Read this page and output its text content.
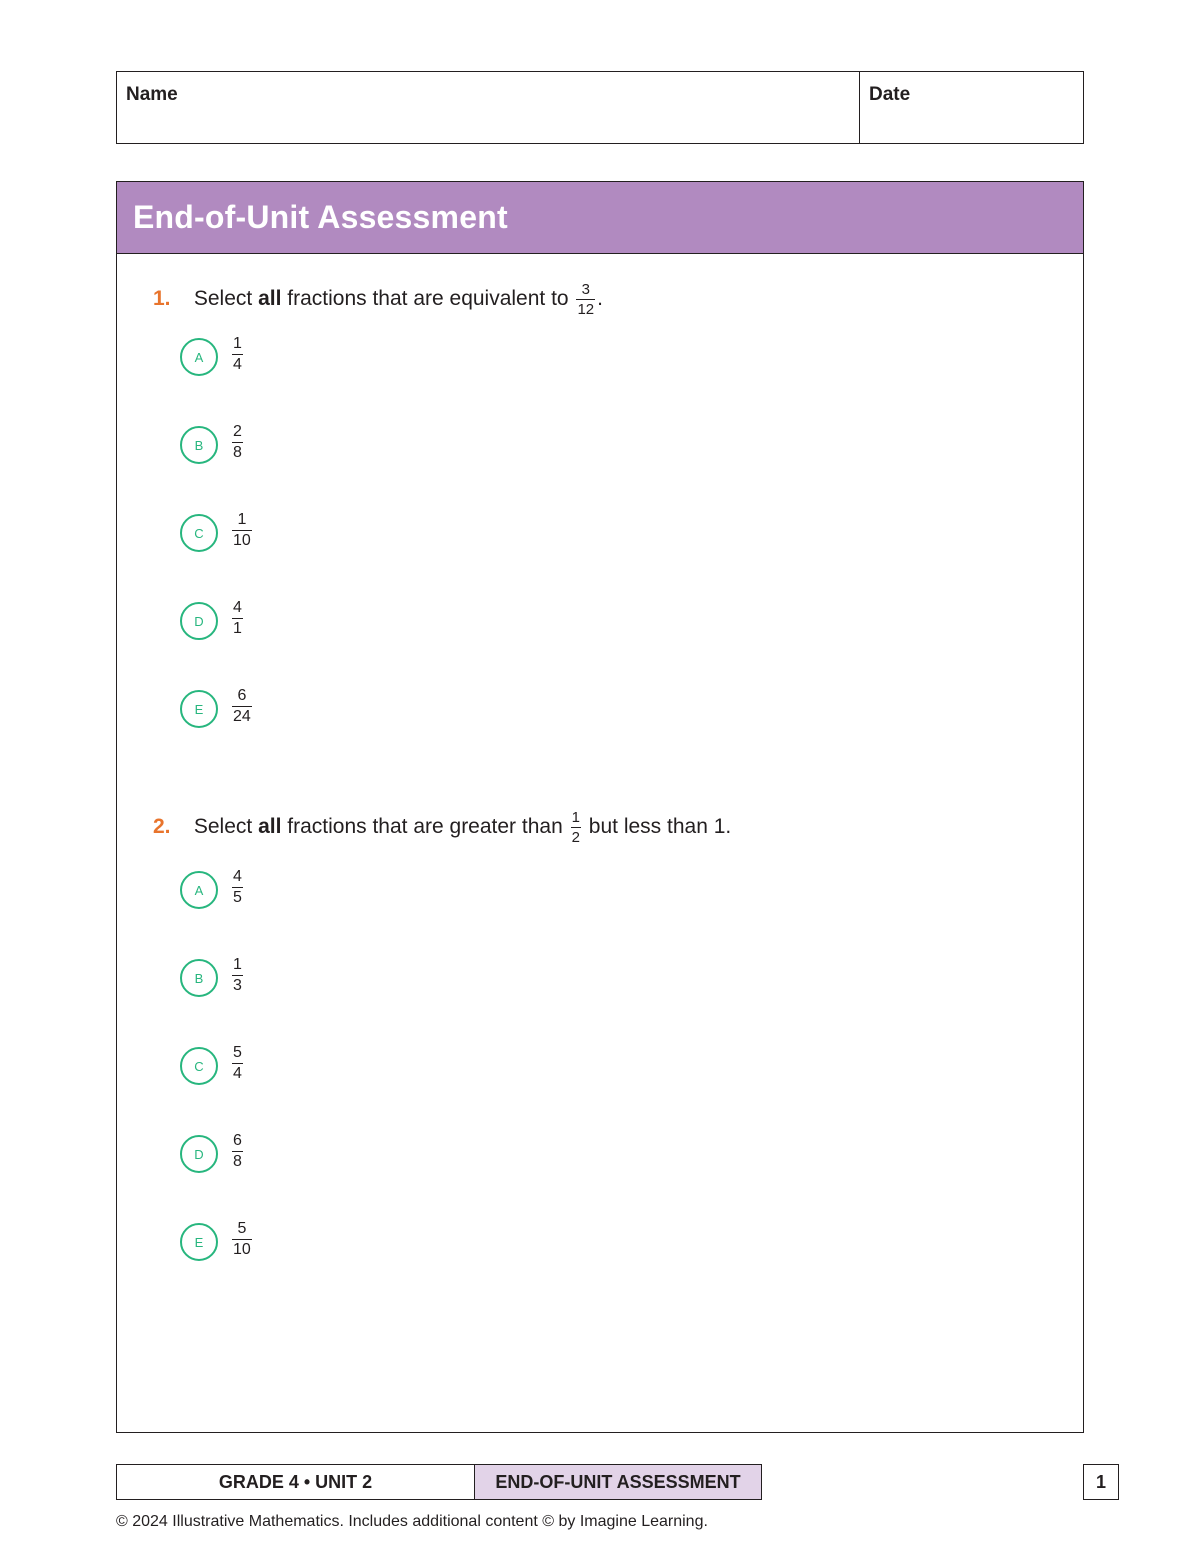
Name	Date
End-of-Unit Assessment
1. Select all fractions that are equivalent to $\frac{3}{12}$ .
A	$\frac{1}{4}$
B	$\frac{2}{8}$
C	$\frac{1}{10}$
D	$\frac{4}{1}$
E	$\frac{6}{24}$
2. Select all fractions that are greater than $\frac{1}{2}$ but less than 1.
A	$\frac{4}{5}$
B	$\frac{1}{3}$
C	$\frac{5}{4}$
D	$\frac{6}{8}$
E	$\frac{5}{10}$
GRADE 4 • UNIT 2	END-OF-UNIT ASSESSMENT	1
© 2024 Illustrative Mathematics. Includes additional content © by Imagine Learning.
